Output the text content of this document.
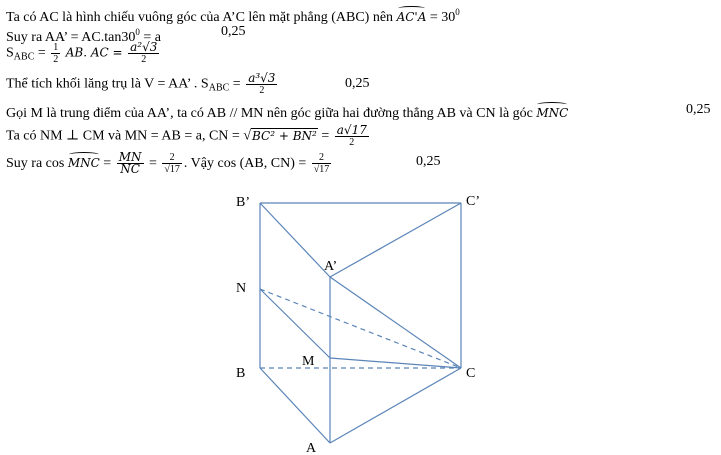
Ta có AC là hình chiếu vuông góc của A’C lên mặt phẳng (ABC) nên $AC'A = 30^0$
Suy ra AA’ = $AC.\tan 30^0 = a$	0,25
$S_{ABC} = \frac{1}{2}$ AB. AC = $\frac{\text{a²√3}}{2}$
Thể tích khối lăng trụ là V = AA’ . $S_{ABC} = \frac{\text{a³√3}}{2}$	0,25
Gọi M là trung điểm của AA’, ta có AB // MN nên góc giữa hai đường thẳng AB và CN là góc MNC	0,25
Ta có NM ⊥ CM và MN = AB = a, CN = $√BC^2 + BN^2 = \frac{a√17}{2}$
Suy ra cos MNC = $\frac{MN}{NC} = \frac{2}{√17}$ . Vậy cos (AB, $CN) = \frac{2}{√17}$	0,25
B’	C’
A’
N
M
B	C
A
